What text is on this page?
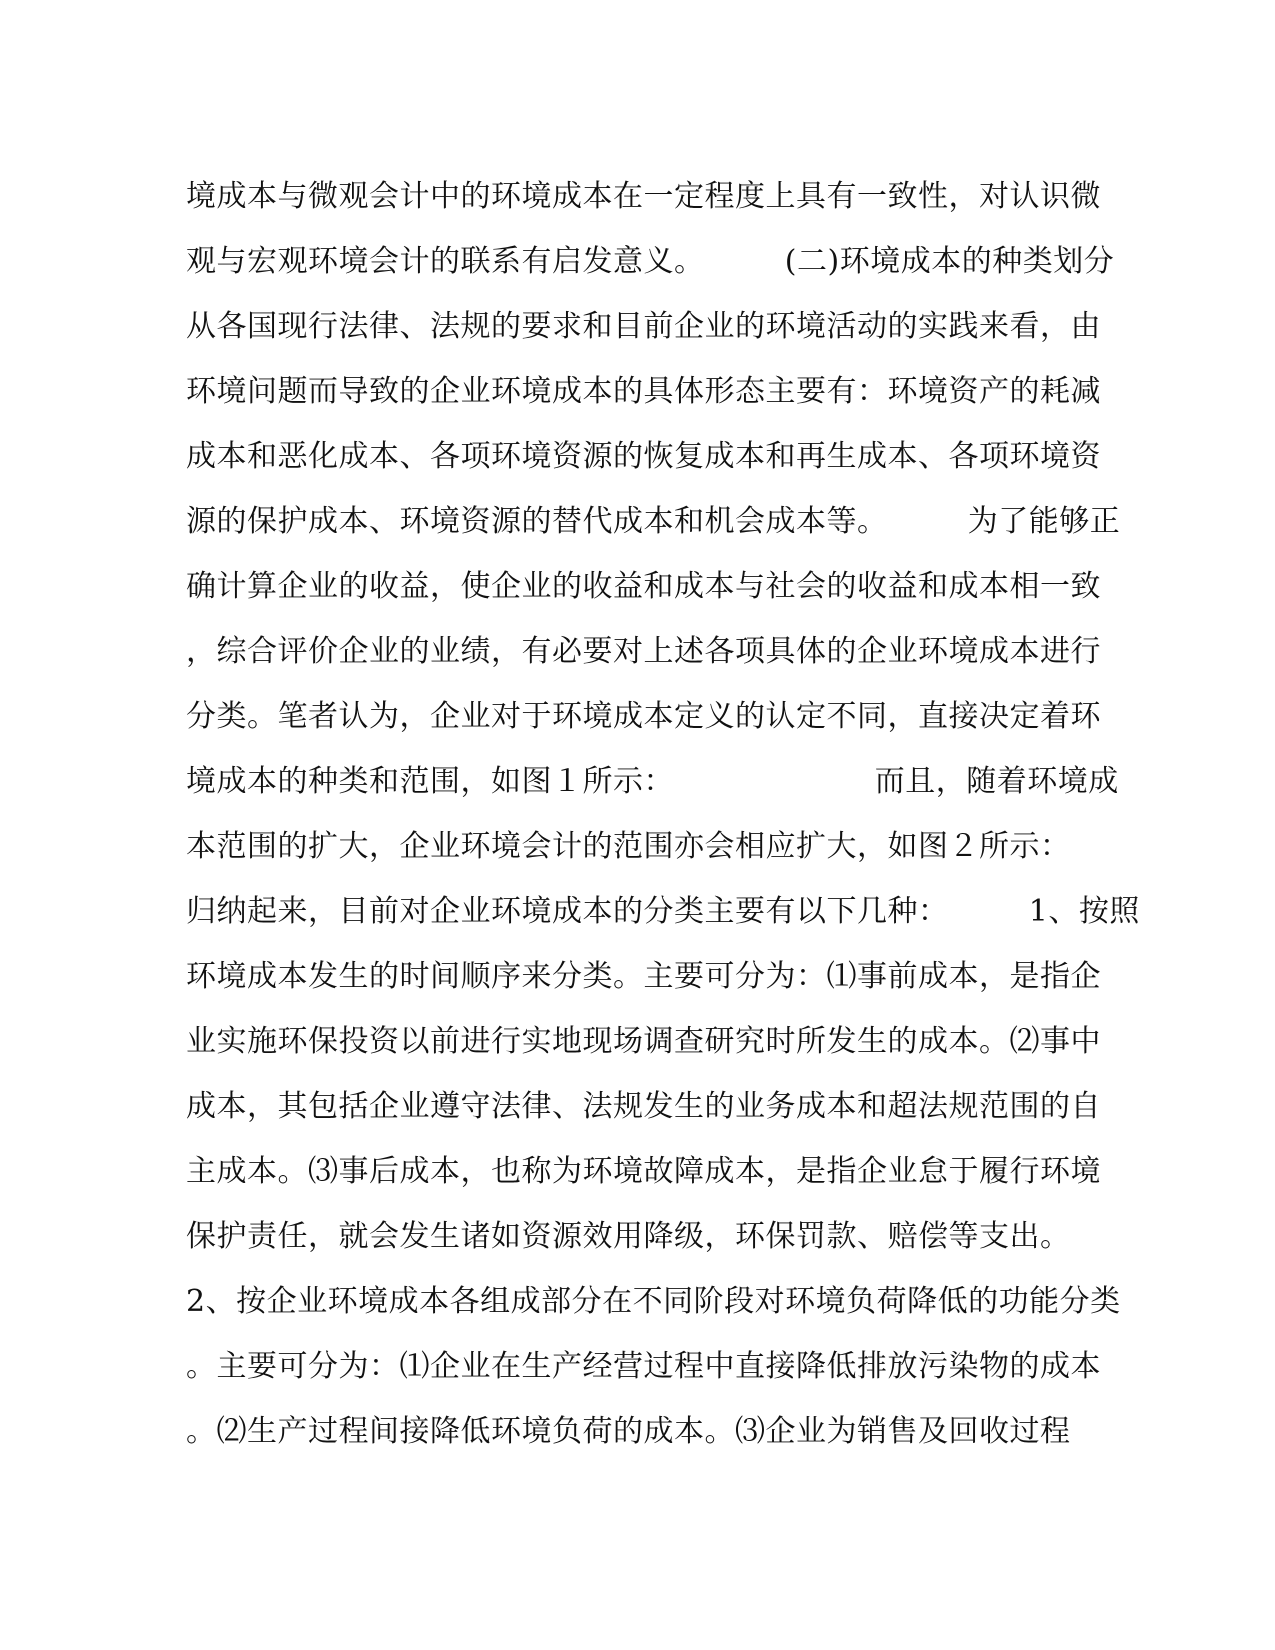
境成本与微观会计中的环境成本在一定程度上具有一致性，对认识微
观与宏观环境会计的联系有启发意义。        (二)环境成本的种类划分
从各国现行法律、法规的要求和目前企业的环境活动的实践来看，由
环境问题而导致的企业环境成本的具体形态主要有：环境资产的耗减
成本和恶化成本、各项环境资源的恢复成本和再生成本、各项环境资
源的保护成本、环境资源的替代成本和机会成本等。        为了能够正
确计算企业的收益，使企业的收益和成本与社会的收益和成本相一致
，综合评价企业的业绩，有必要对上述各项具体的企业环境成本进行
分类。笔者认为，企业对于环境成本定义的认定不同，直接决定着环
境成本的种类和范围，如图１所示：                    而且，随着环境成
本范围的扩大，企业环境会计的范围亦会相应扩大，如图２所示：
归纳起来，目前对企业环境成本的分类主要有以下几种：        1、按照
环境成本发生的时间顺序来分类。主要可分为：⑴事前成本，是指企
业实施环保投资以前进行实地现场调查研究时所发生的成本。⑵事中
成本，其包括企业遵守法律、法规发生的业务成本和超法规范围的自
主成本。⑶事后成本，也称为环境故障成本，是指企业怠于履行环境
保护责任，就会发生诸如资源效用降级，环保罚款、赔偿等支出。
2、按企业环境成本各组成部分在不同阶段对环境负荷降低的功能分类
。主要可分为：⑴企业在生产经营过程中直接降低排放污染物的成本
。⑵生产过程间接降低环境负荷的成本。⑶企业为销售及回收过程
